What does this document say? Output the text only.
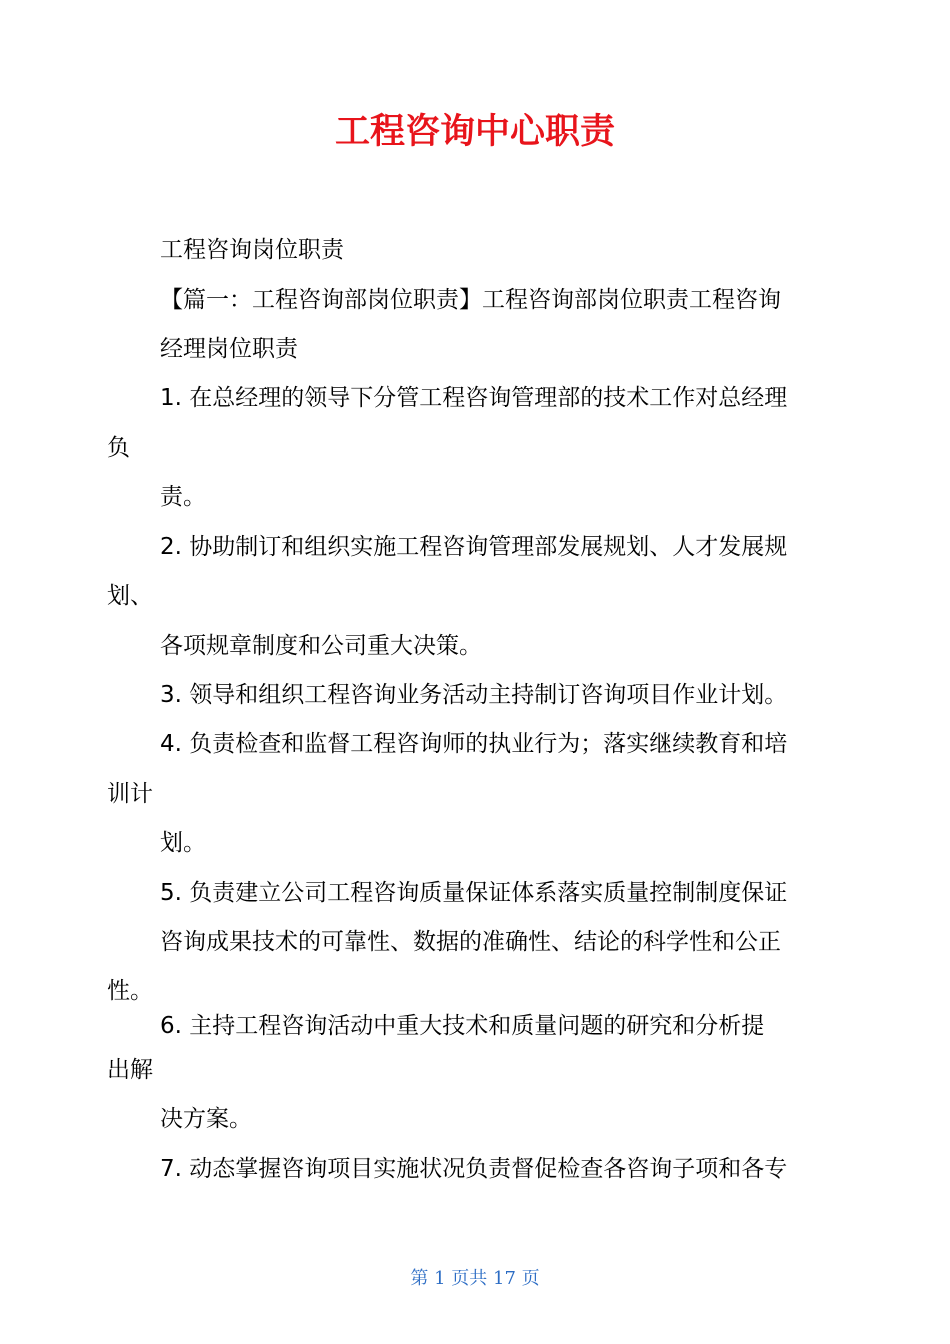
工程咨询中心职责

工程咨询岗位职责

【篇一：工程咨询部岗位职责】工程咨询部岗位职责工程咨询

经理岗位职责

1. 在总经理的领导下分管工程咨询管理部的技术工作对总经理

负

责。

2. 协助制订和组织实施工程咨询管理部发展规划、人才发展规

划、

各项规章制度和公司重大决策。

3. 领导和组织工程咨询业务活动主持制订咨询项目作业计划。

4. 负责检查和监督工程咨询师的执业行为；落实继续教育和培

训计

划。

5. 负责建立公司工程咨询质量保证体系落实质量控制制度保证

咨询成果技术的可靠性、数据的准确性、结论的科学性和公正

性。

6. 主持工程咨询活动中重大技术和质量问题的研究和分析提

出解

决方案。

7. 动态掌握咨询项目实施状况负责督促检查各咨询子项和各专

第 1 页共 17 页
